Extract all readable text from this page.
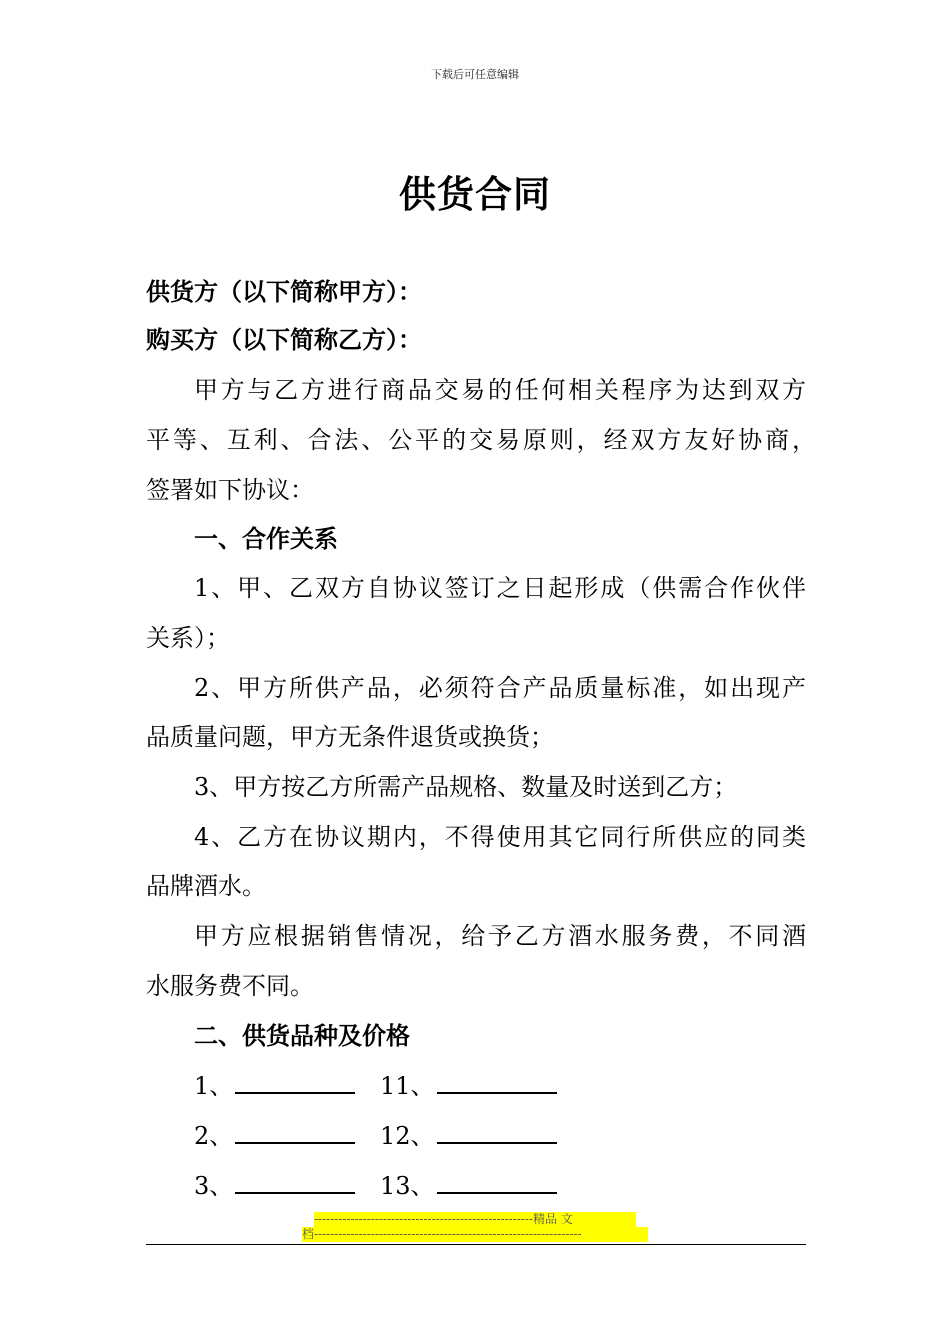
下载后可任意编辑
供货合同
供货方（以下简称甲方）：
购买方（以下简称乙方）：
甲方与乙方进行商品交易的任何相关程序为达到双方
平等、互利、合法、公平的交易原则，经双方友好协商，
签署如下协议：
一、合作关系
1、甲、乙双方自协议签订之日起形成（供需合作伙伴
关系）；
2、甲方所供产品，必须符合产品质量标准，如出现产
品质量问题，甲方无条件退货或换货；
3、甲方按乙方所需产品规格、数量及时送到乙方；
4、乙方在协议期内，不得使用其它同行所供应的同类
品牌酒水。
甲方应根据销售情况，给予乙方酒水服务费，不同酒
水服务费不同。
二、供货品种及价格
1、	11、
2、	12、
3、	13、
------------------------------------------------------精品 文
档------------------------------------------------------------------
